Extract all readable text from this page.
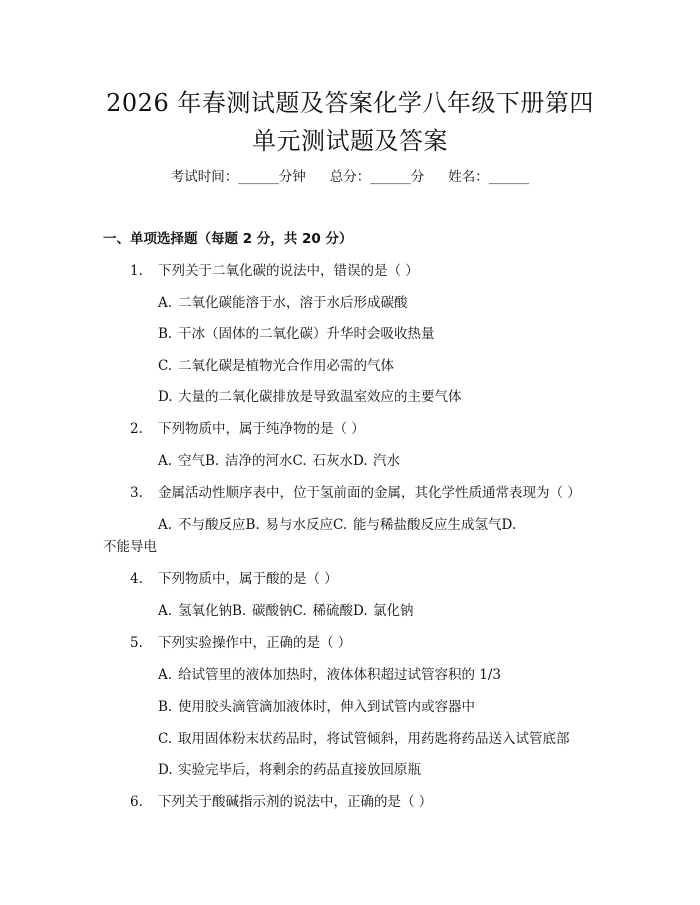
2026 年春测试题及答案化学八年级下册第四
单元测试题及答案
考试时间：______分钟 总分：______分 姓名：______
一、单项选择题（每题 2 分，共 20 分）
1. 下列关于二氧化碳的说法中，错误的是（ ）
A. 二氧化碳能溶于水，溶于水后形成碳酸
B. 干冰（固体的二氧化碳）升华时会吸收热量
C. 二氧化碳是植物光合作用必需的气体
D. 大量的二氧化碳排放是导致温室效应的主要气体
2. 下列物质中，属于纯净物的是（ ）
A. 空气B. 洁净的河水C. 石灰水D. 汽水
3. 金属活动性顺序表中，位于氢前面的金属，其化学性质通常表现为（ ）
A. 不与酸反应B. 易与水反应C. 能与稀盐酸反应生成氢气D.
不能导电
4. 下列物质中，属于酸的是（ ）
A. 氢氧化钠B. 碳酸钠C. 稀硫酸D. 氯化钠
5. 下列实验操作中，正确的是（ ）
A. 给试管里的液体加热时，液体体积超过试管容积的 1/3
B. 使用胶头滴管滴加液体时，伸入到试管内或容器中
C. 取用固体粉末状药品时，将试管倾斜，用药匙将药品送入试管底部
D. 实验完毕后，将剩余的药品直接放回原瓶
6. 下列关于酸碱指示剂的说法中，正确的是（ ）
